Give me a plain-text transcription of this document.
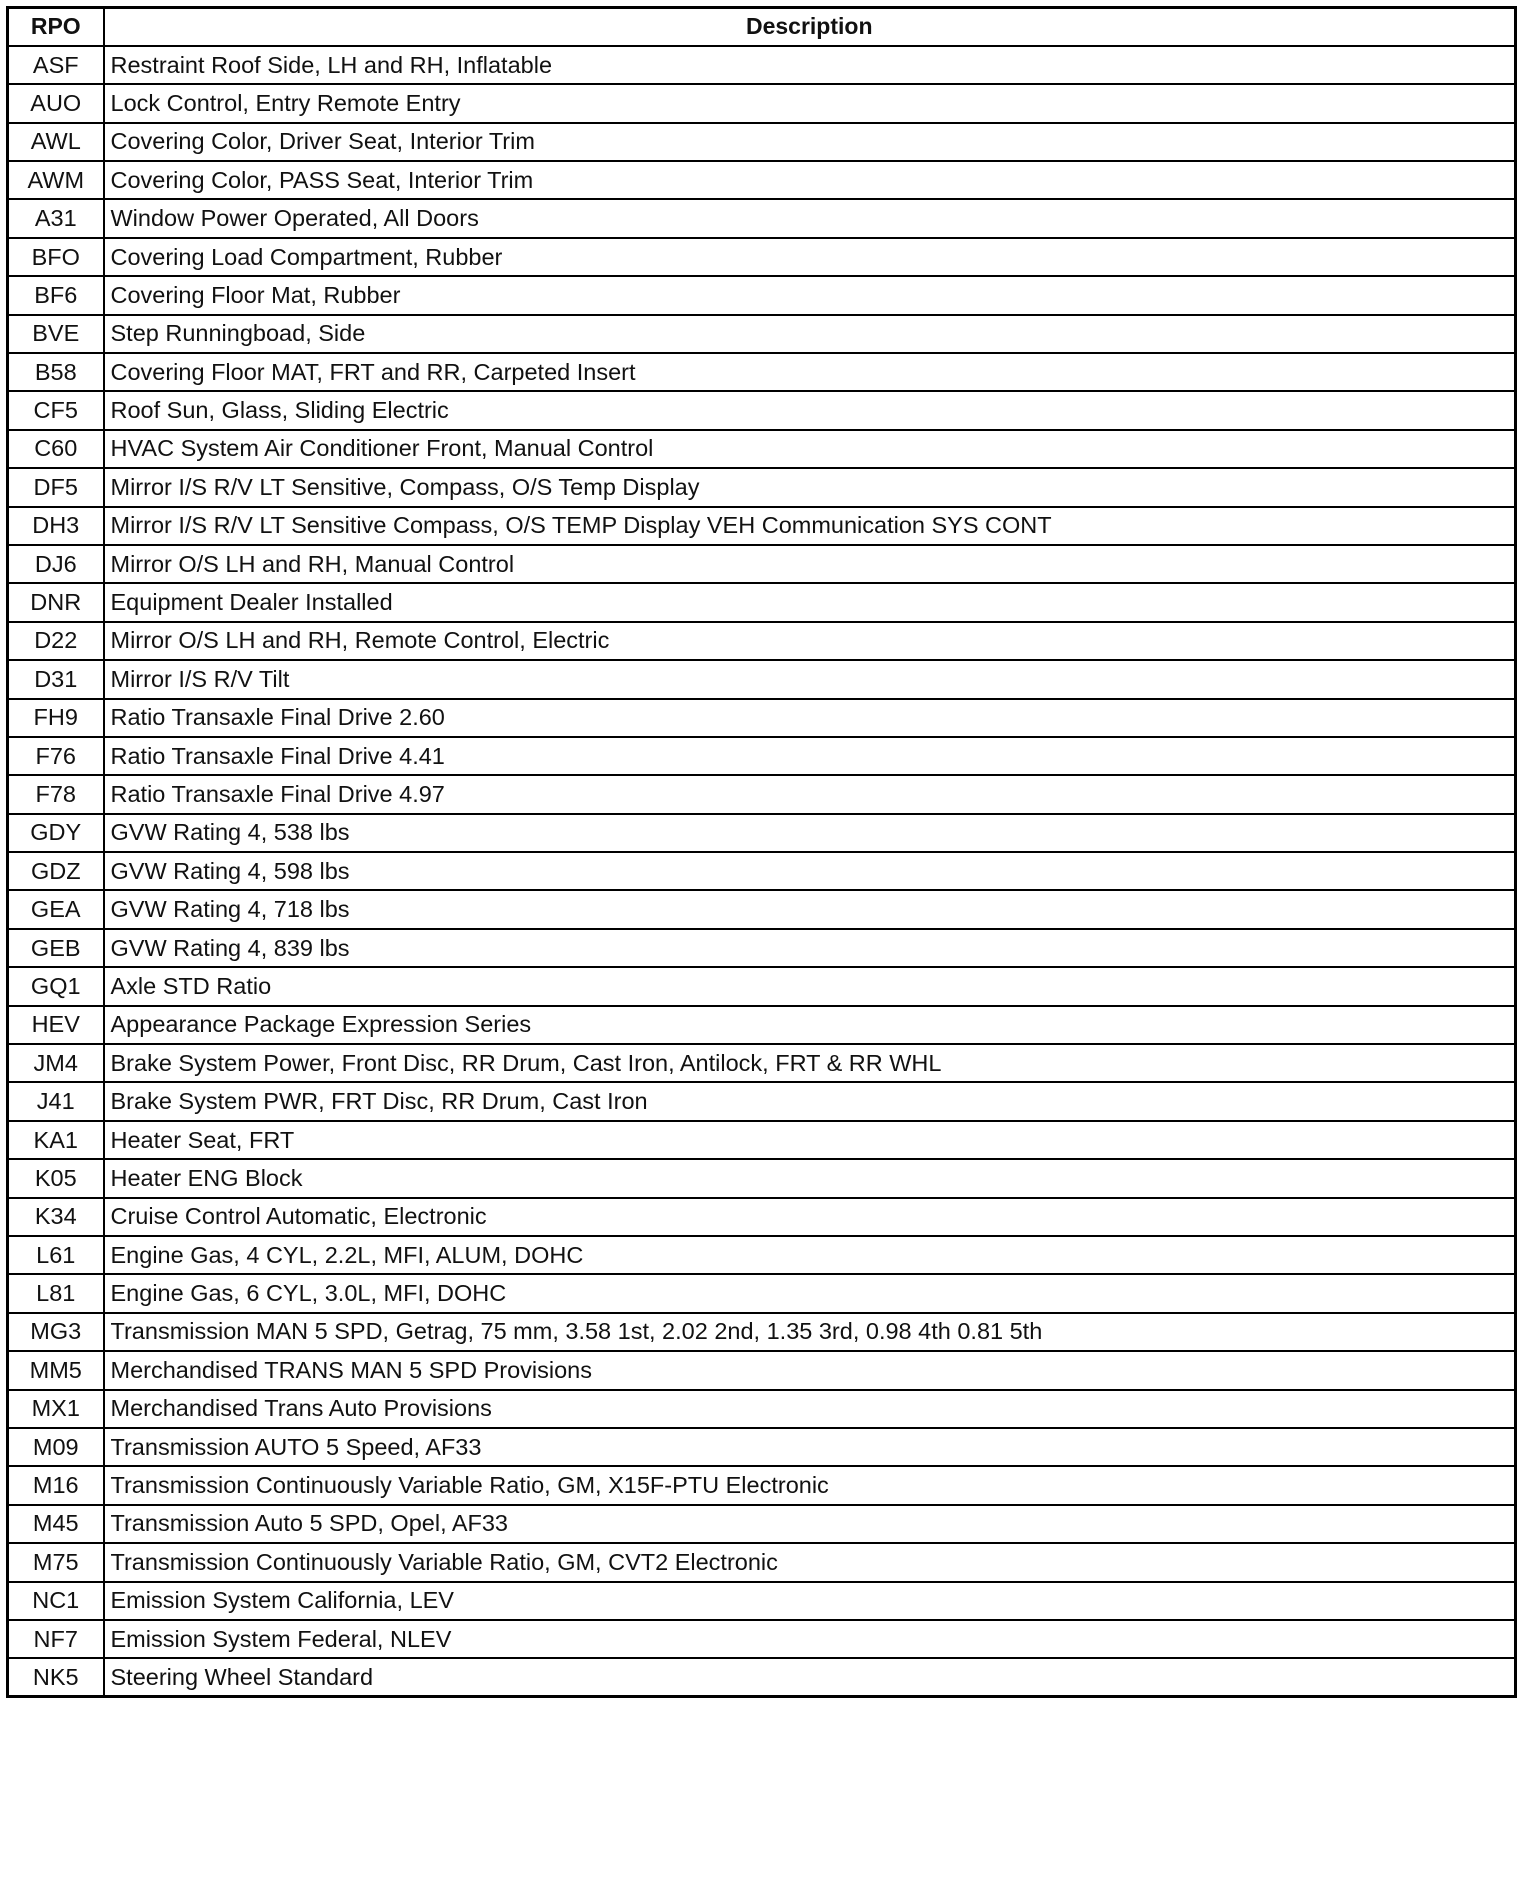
RPO	Description
ASF	Restraint Roof Side, LH and RH, Inflatable
AUO	Lock Control, Entry Remote Entry
AWL	Covering Color, Driver Seat, Interior Trim
AWM	Covering Color, PASS Seat, Interior Trim
A31	Window Power Operated, All Doors
BFO	Covering Load Compartment, Rubber
BF6	Covering Floor Mat, Rubber
BVE	Step Runningboad, Side
B58	Covering Floor MAT, FRT and RR, Carpeted Insert
CF5	Roof Sun, Glass, Sliding Electric
C60	HVAC System Air Conditioner Front, Manual Control
DF5	Mirror I/S R/V LT Sensitive, Compass, O/S Temp Display
DH3	Mirror I/S R/V LT Sensitive Compass, O/S TEMP Display VEH Communication SYS CONT
DJ6	Mirror O/S LH and RH, Manual Control
DNR	Equipment Dealer Installed
D22	Mirror O/S LH and RH, Remote Control, Electric
D31	Mirror I/S R/V Tilt
FH9	Ratio Transaxle Final Drive 2.60
F76	Ratio Transaxle Final Drive 4.41
F78	Ratio Transaxle Final Drive 4.97
GDY	GVW Rating 4, 538 lbs
GDZ	GVW Rating 4, 598 lbs
GEA	GVW Rating 4, 718 lbs
GEB	GVW Rating 4, 839 lbs
GQ1	Axle STD Ratio
HEV	Appearance Package Expression Series
JM4	Brake System Power, Front Disc, RR Drum, Cast Iron, Antilock, FRT & RR WHL
J41	Brake System PWR, FRT Disc, RR Drum, Cast Iron
KA1	Heater Seat, FRT
K05	Heater ENG Block
K34	Cruise Control Automatic, Electronic
L61	Engine Gas, 4 CYL, 2.2L, MFI, ALUM, DOHC
L81	Engine Gas, 6 CYL, 3.0L, MFI, DOHC
MG3	Transmission MAN 5 SPD, Getrag, 75 mm, 3.58 1st, 2.02 2nd, 1.35 3rd, 0.98 4th 0.81 5th
MM5	Merchandised TRANS MAN 5 SPD Provisions
MX1	Merchandised Trans Auto Provisions
M09	Transmission AUTO 5 Speed, AF33
M16	Transmission Continuously Variable Ratio, GM, X15F-PTU Electronic
M45	Transmission Auto 5 SPD, Opel, AF33
M75	Transmission Continuously Variable Ratio, GM, CVT2 Electronic
NC1	Emission System California, LEV
NF7	Emission System Federal, NLEV
NK5	Steering Wheel Standard
